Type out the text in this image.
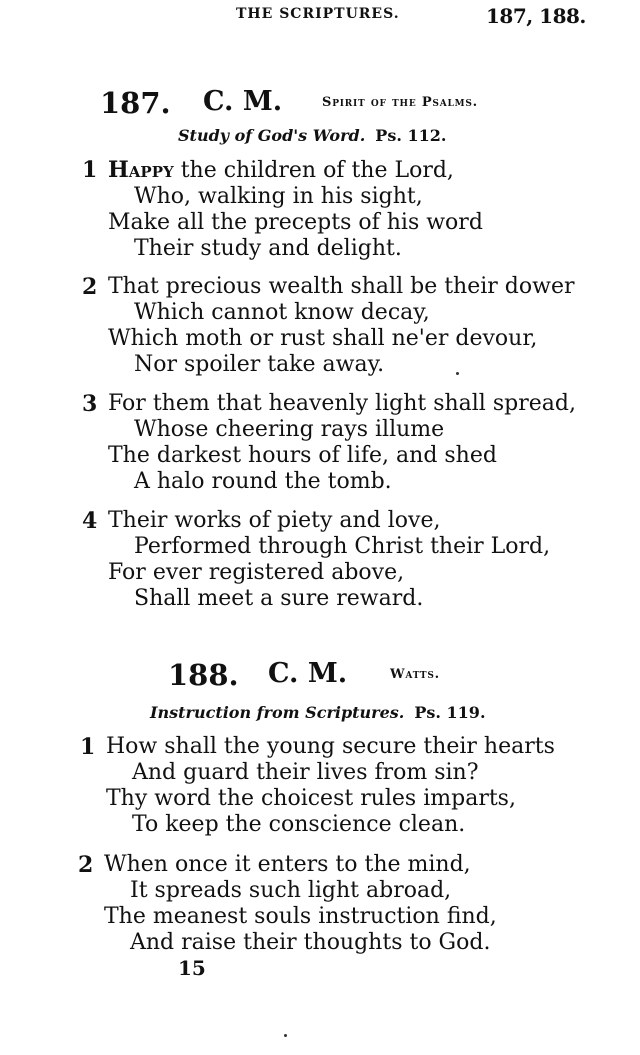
THE SCRIPTURES.	187, 188.
187. C. M.	Spirit of the Psalms.
Study of God's Word. Ps. 112.
1 Happy the children of the Lord,
Who, walking in his sight,
Make all the precepts of his word
Their study and delight.
2 That precious wealth shall be their dower
Which cannot know decay,
Which moth or rust shall ne'er devour,
Nor spoiler take away.
3 For them that heavenly light shall spread,
Whose cheering rays illume
The darkest hours of life, and shed
A halo round the tomb.
4 Their works of piety and love,
Performed through Christ their Lord,
For ever registered above,
Shall meet a sure reward.
188. C. M.	Watts.
Instruction from Scriptures. Ps. 119.
1 How shall the young secure their hearts
And guard their lives from sin?
Thy word the choicest rules imparts,
To keep the conscience clean.
2 When once it enters to the mind,
It spreads such light abroad,
The meanest souls instruction find,
And raise their thoughts to God.
15
